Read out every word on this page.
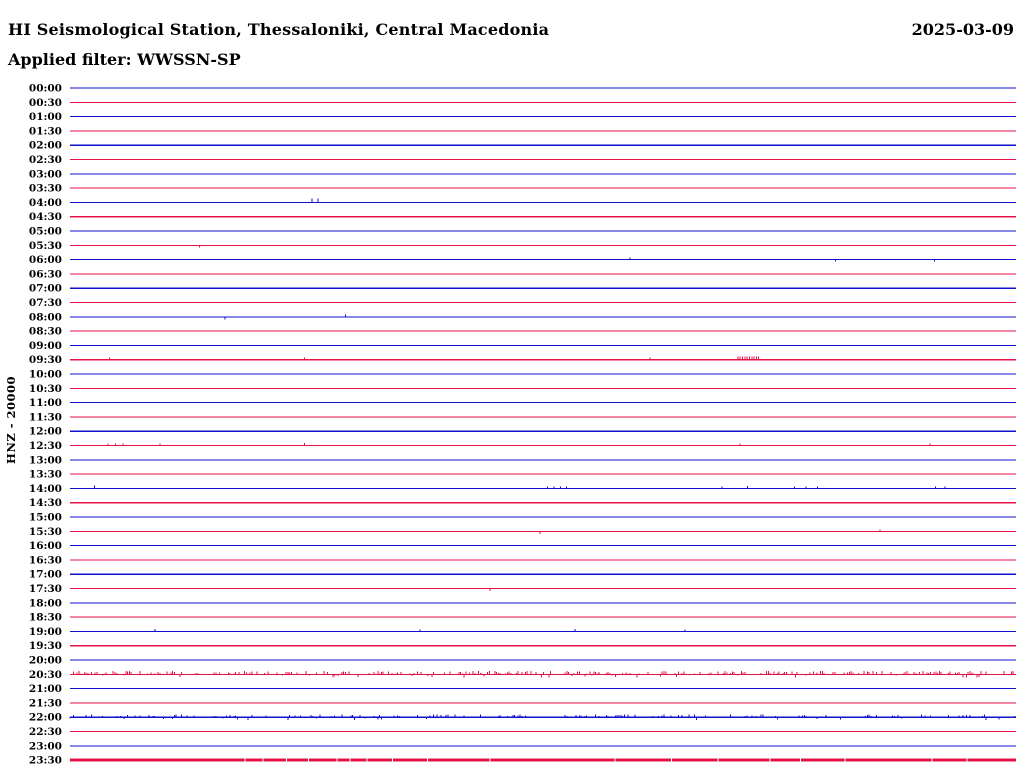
HI Seismological Station, Thessaloniki, Central Macedonia	2025-03-09
Applied filter: WWSSN-SP
HNZ - 20000
00:00
00:30
01:00
01:30
02:00
02:30
03:00
03:30
04:00
04:30
05:00
05:30
06:00
06:30
07:00
07:30
08:00
08:30
09:00
09:30
10:00
10:30
11:00
11:30
12:00
12:30
13:00
13:30
14:00
14:30
15:00
15:30
16:00
16:30
17:00
17:30
18:00
18:30
19:00
19:30
20:00
20:30
21:00
21:30
22:00
22:30
23:00
23:30
